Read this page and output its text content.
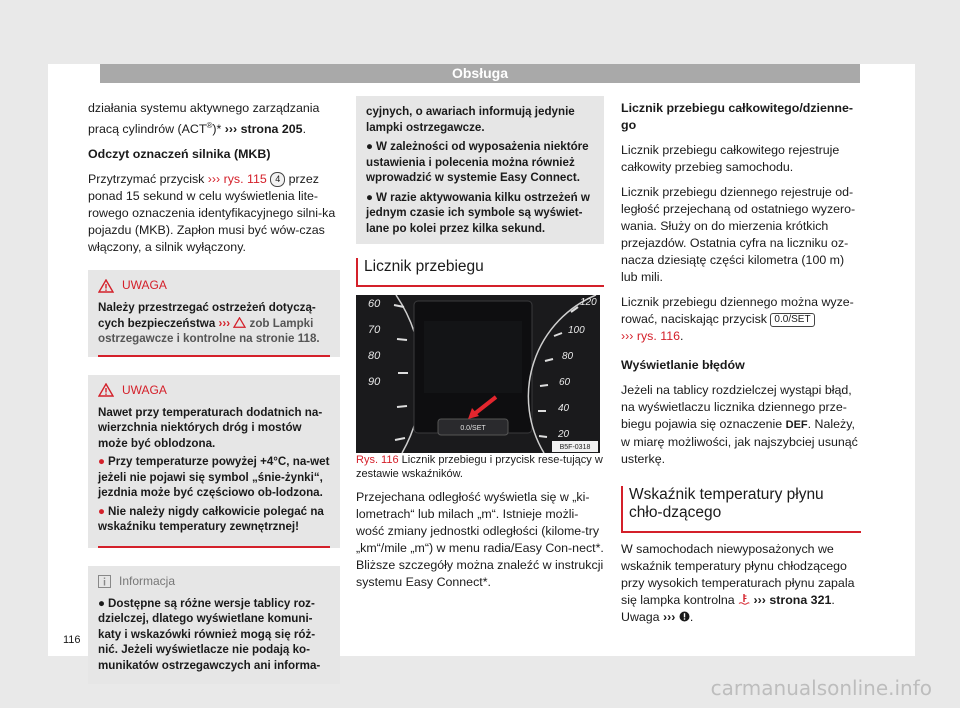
Obsługa

działania systemu aktywnego zarządzania pracą cylindrów (ACT®)* ››› strona 205.

Odczyt oznaczeń silnika (MKB)

Przytrzymać przycisk ››› rys. 115 4 przez ponad 15 sekund w celu wyświetlenia lite-rowego oznaczenia identyfikacyjnego silni-ka pojazdu (MKB). Zapłon musi być wów-czas włączony, a silnik wyłączony.

UWAGA
Należy przestrzegać ostrzeżeń dotyczą-cych bezpieczeństwa ›››  zob Lampki ostrzegawcze i kontrolne na stronie 118.
UWAGA

Nawet przy temperaturach dodatnich na-wierzchnia niektórych dróg i mostów może być oblodzona.

● Przy temperaturze powyżej +4°C, na-wet jeżeli nie pojawi się symbol „śnie-żynki“, jezdnia może być częściowo ob-lodzona.

● Nie należy nigdy całkowicie polegać na wskaźniku temperatury zewnętrznej!

Informacja

● Dostępne są różne wersje tablicy roz-dzielczej, dlatego wyświetlane komuni-katy i wskazówki również mogą się róż-nić. Jeżeli wyświetlacze nie podają ko-munikatów ostrzegawczych ani informa-

cyjnych, o awariach informują jedynie lampki ostrzegawcze.

● W zależności od wyposażenia niektóre ustawienia i polecenia można również wprowadzić w systemie Easy Connect.

● W razie aktywowania kilku ostrzeżeń w jednym czasie ich symbole są wyświet-lane po kolei przez kilka sekund.

Licznik przebiegu
60
70
80
90
0.0/SET
120
100
80
60
40
20
B5F-0318

Rys. 116 Licznik przebiegu i przycisk rese-tujący w zestawie wskaźników.

Przejechana odległość wyświetla się w „ki-lometrach“ lub milach „m“. Istnieje możli-wość zmiany jednostki odległości (kilome-try „km“/mile „m“) w menu radia/Easy Con-nect*. Bliższe szczegóły można znaleźć w instrukcji systemu Easy Connect*.

Licznik przebiegu całkowitego/dzienne-go

Licznik przebiegu całkowitego rejestruje całkowity przebieg samochodu.

Licznik przebiegu dziennego rejestruje od-ległość przejechaną od ostatniego wyzero-wania. Służy on do mierzenia krótkich przejazdów. Ostatnia cyfra na liczniku oz-nacza dziesiątę części kilometra (100 m) lub mili.

Licznik przebiegu dziennego można wyze-rować, naciskając przycisk 0.0/SET
››› rys. 116.

Wyświetlanie błędów

Jeżeli na tablicy rozdzielczej wystąpi błąd, na wyświetlaczu licznika dziennego prze-biegu pojawia się oznaczenie DEF. Należy, w miarę możliwości, jak najszybciej usunąć usterkę.

Wskaźnik temperatury płynu chło-dzącego

W samochodach niewyposażonych we wskaźnik temperatury płynu chłodzącego przy wysokich temperaturach płynu zapala się lampka kontrolna  ››› strona 321.
Uwaga ››› .

116
carmanualsonline.info
